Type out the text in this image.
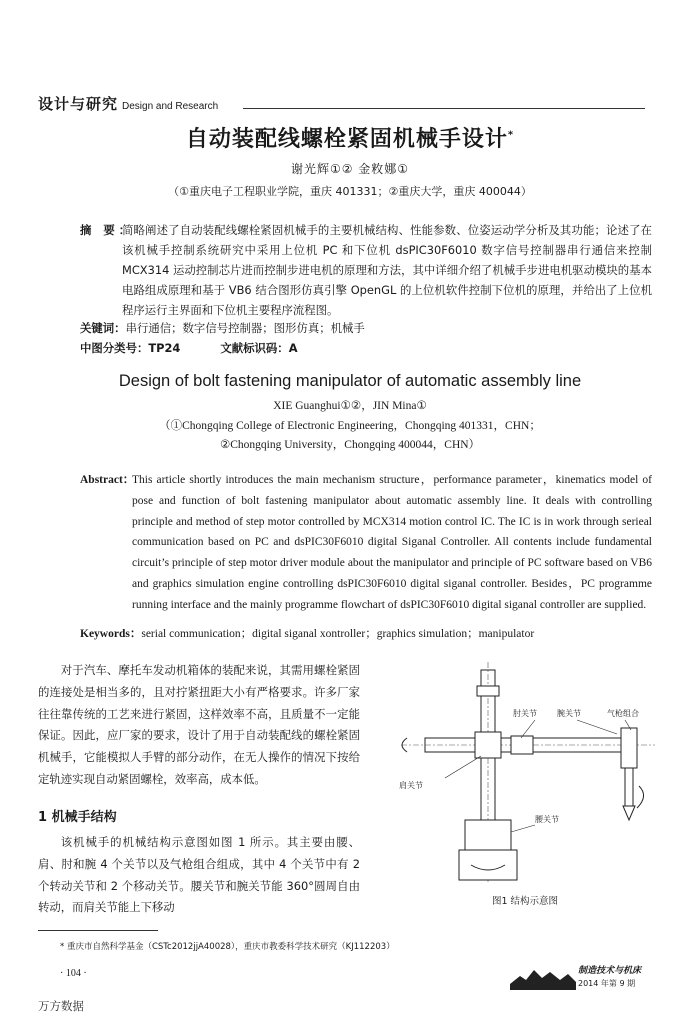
设计与研究 Design and Research
自动装配线螺栓紧固机械手设计*
谢光辉①② 金敉娜①
（①重庆电子工程职业学院，重庆 401331；②重庆大学，重庆 400044）
摘 要：
简略阐述了自动装配线螺栓紧固机械手的主要机械结构、性能参数、位姿运动学分析及其功能；论述了在该机械手控制系统研究中采用上位机 PC 和下位机 dsPIC30F6010 数字信号控制器串行通信来控制 MCX314 运动控制芯片进而控制步进电机的原理和方法，其中详细介绍了机械手步进电机驱动模块的基本电路组成原理和基于 VB6 结合图形仿真引擎 OpenGL 的上位机软件控制下位机的原理，并给出了上位机程序运行主界面和下位机主要程序流程图。
关键词：串行通信；数字信号控制器；图形仿真；机械手
中图分类号：TP24	文献标识码：A
Design of bolt fastening manipulator of automatic assembly line
XIE Guanghui①②，JIN Mina①
（①Chongqing College of Electronic Engineering，Chongqing 401331，CHN；
②Chongqing University，Chongqing 400044，CHN）
Abstract：
This article shortly introduces the main mechanism structure，performance parameter，kinematics model of pose and function of bolt fastening manipulator about automatic assembly line. It deals with controlling principle and method of step motor controlled by MCX314 motion control IC. The IC is in work through serieal communication based on PC and dsPIC30F6010 digital Siganal Controller. All contents include fundamental circuit’s principle of step motor driver module about the manipulator and principle of PC software based on VB6 and graphics simulation engine controlling dsPIC30F6010 digital siganal controller. Besides，PC programme running interface and the mainly programme flowchart of dsPIC30F6010 digital siganal controller are supplied.
Keywords：serial communication；digital siganal xontroller；graphics simulation；manipulator

对于汽车、摩托车发动机箱体的装配来说，其需用螺栓紧固的连接处是相当多的，且对拧紧扭距大小有严格要求。许多厂家往往靠传统的工艺来进行紧固，这样效率不高，且质量不一定能保证。因此，应厂家的要求，设计了用于自动装配线的螺栓紧固机械手，它能模拟人手臂的部分动作，在无人操作的情况下按给定轨迹实现自动紧固螺栓，效率高，成本低。

1 机械手结构

该机械手的机械结构示意图如图 1 所示。其主要由腰、肩、肘和腕 4 个关节以及气枪组合组成，其中 4 个关节中有 2 个转动关节和 2 个移动关节。腰关节和腕关节能 360°圆周自由转动，而肩关节能上下移动

肘关节	腕关节	气枪组合
肩关节
腰关节
图1 结构示意图
* 重庆市自然科学基金（CSTc2012jjA40028），重庆市教委科学技术研究（KJ112203）
· 104 ·	制造技术与机床
2014 年第 9 期
万方数据
